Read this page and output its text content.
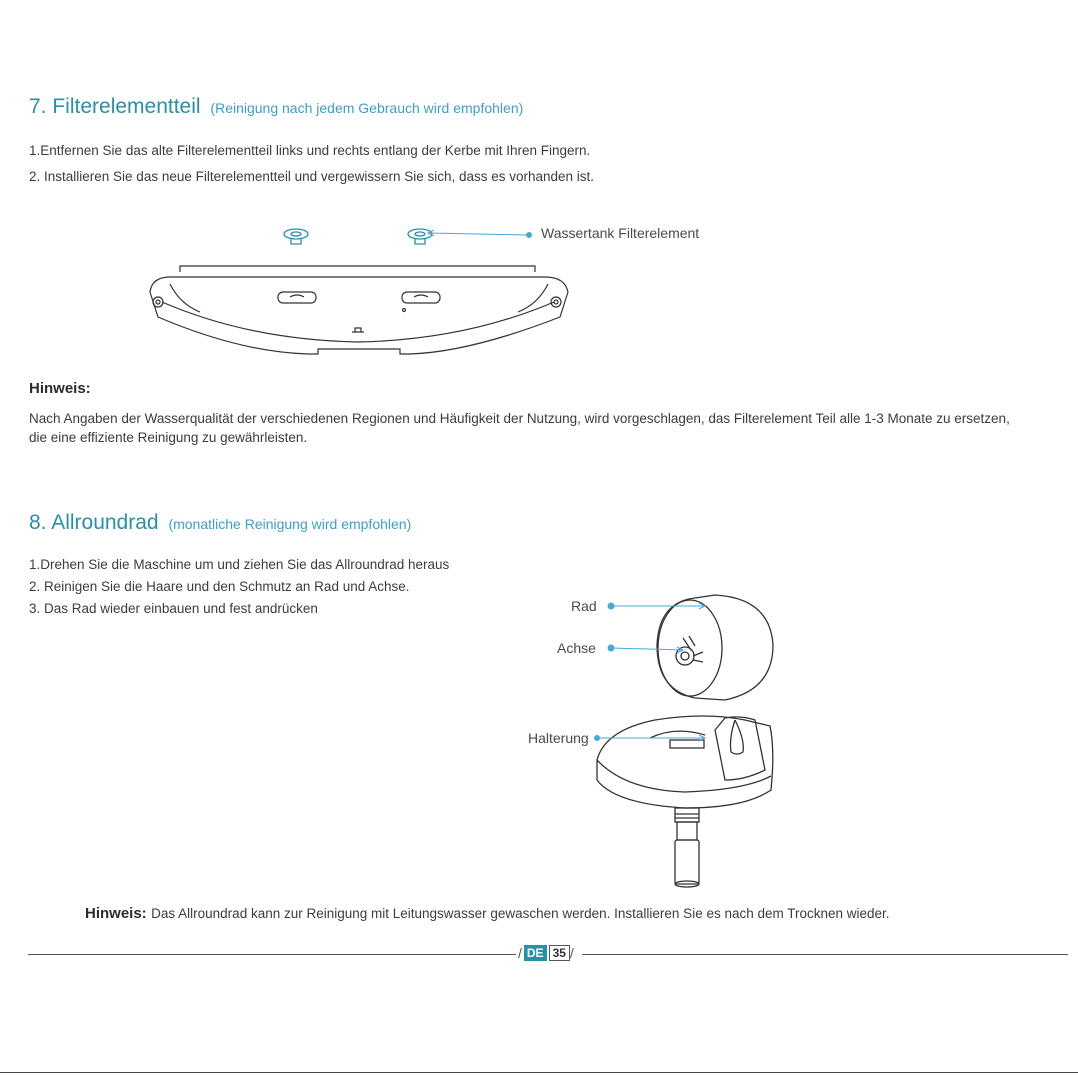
7. Filterelementteil (Reinigung nach jedem Gebrauch wird empfohlen)
1.Entfernen Sie das alte Filterelementteil links und rechts entlang der Kerbe mit Ihren Fingern.
2. Installieren Sie das neue Filterelementteil und vergewissern Sie sich, dass es vorhanden ist.
Wassertank Filterelement
Hinweis:
Nach Angaben der Wasserqualität der verschiedenen Regionen und Häufigkeit der Nutzung, wird vorgeschlagen, das Filterelement Teil alle 1-3 Monate zu ersetzen, die eine effiziente Reinigung zu gewährleisten.
8. Allroundrad (monatliche Reinigung wird empfohlen)
1.Drehen Sie die Maschine um und ziehen Sie das Allroundrad heraus
2. Reinigen Sie die Haare und den Schmutz an Rad und Achse.
3. Das Rad wieder einbauen und fest andrücken	Rad
Achse
Halterung
Hinweis: Das Allroundrad kann zur Reinigung mit Leitungswasser gewaschen werden. Installieren Sie es nach dem Trocknen wieder.
/ DE 35 /
